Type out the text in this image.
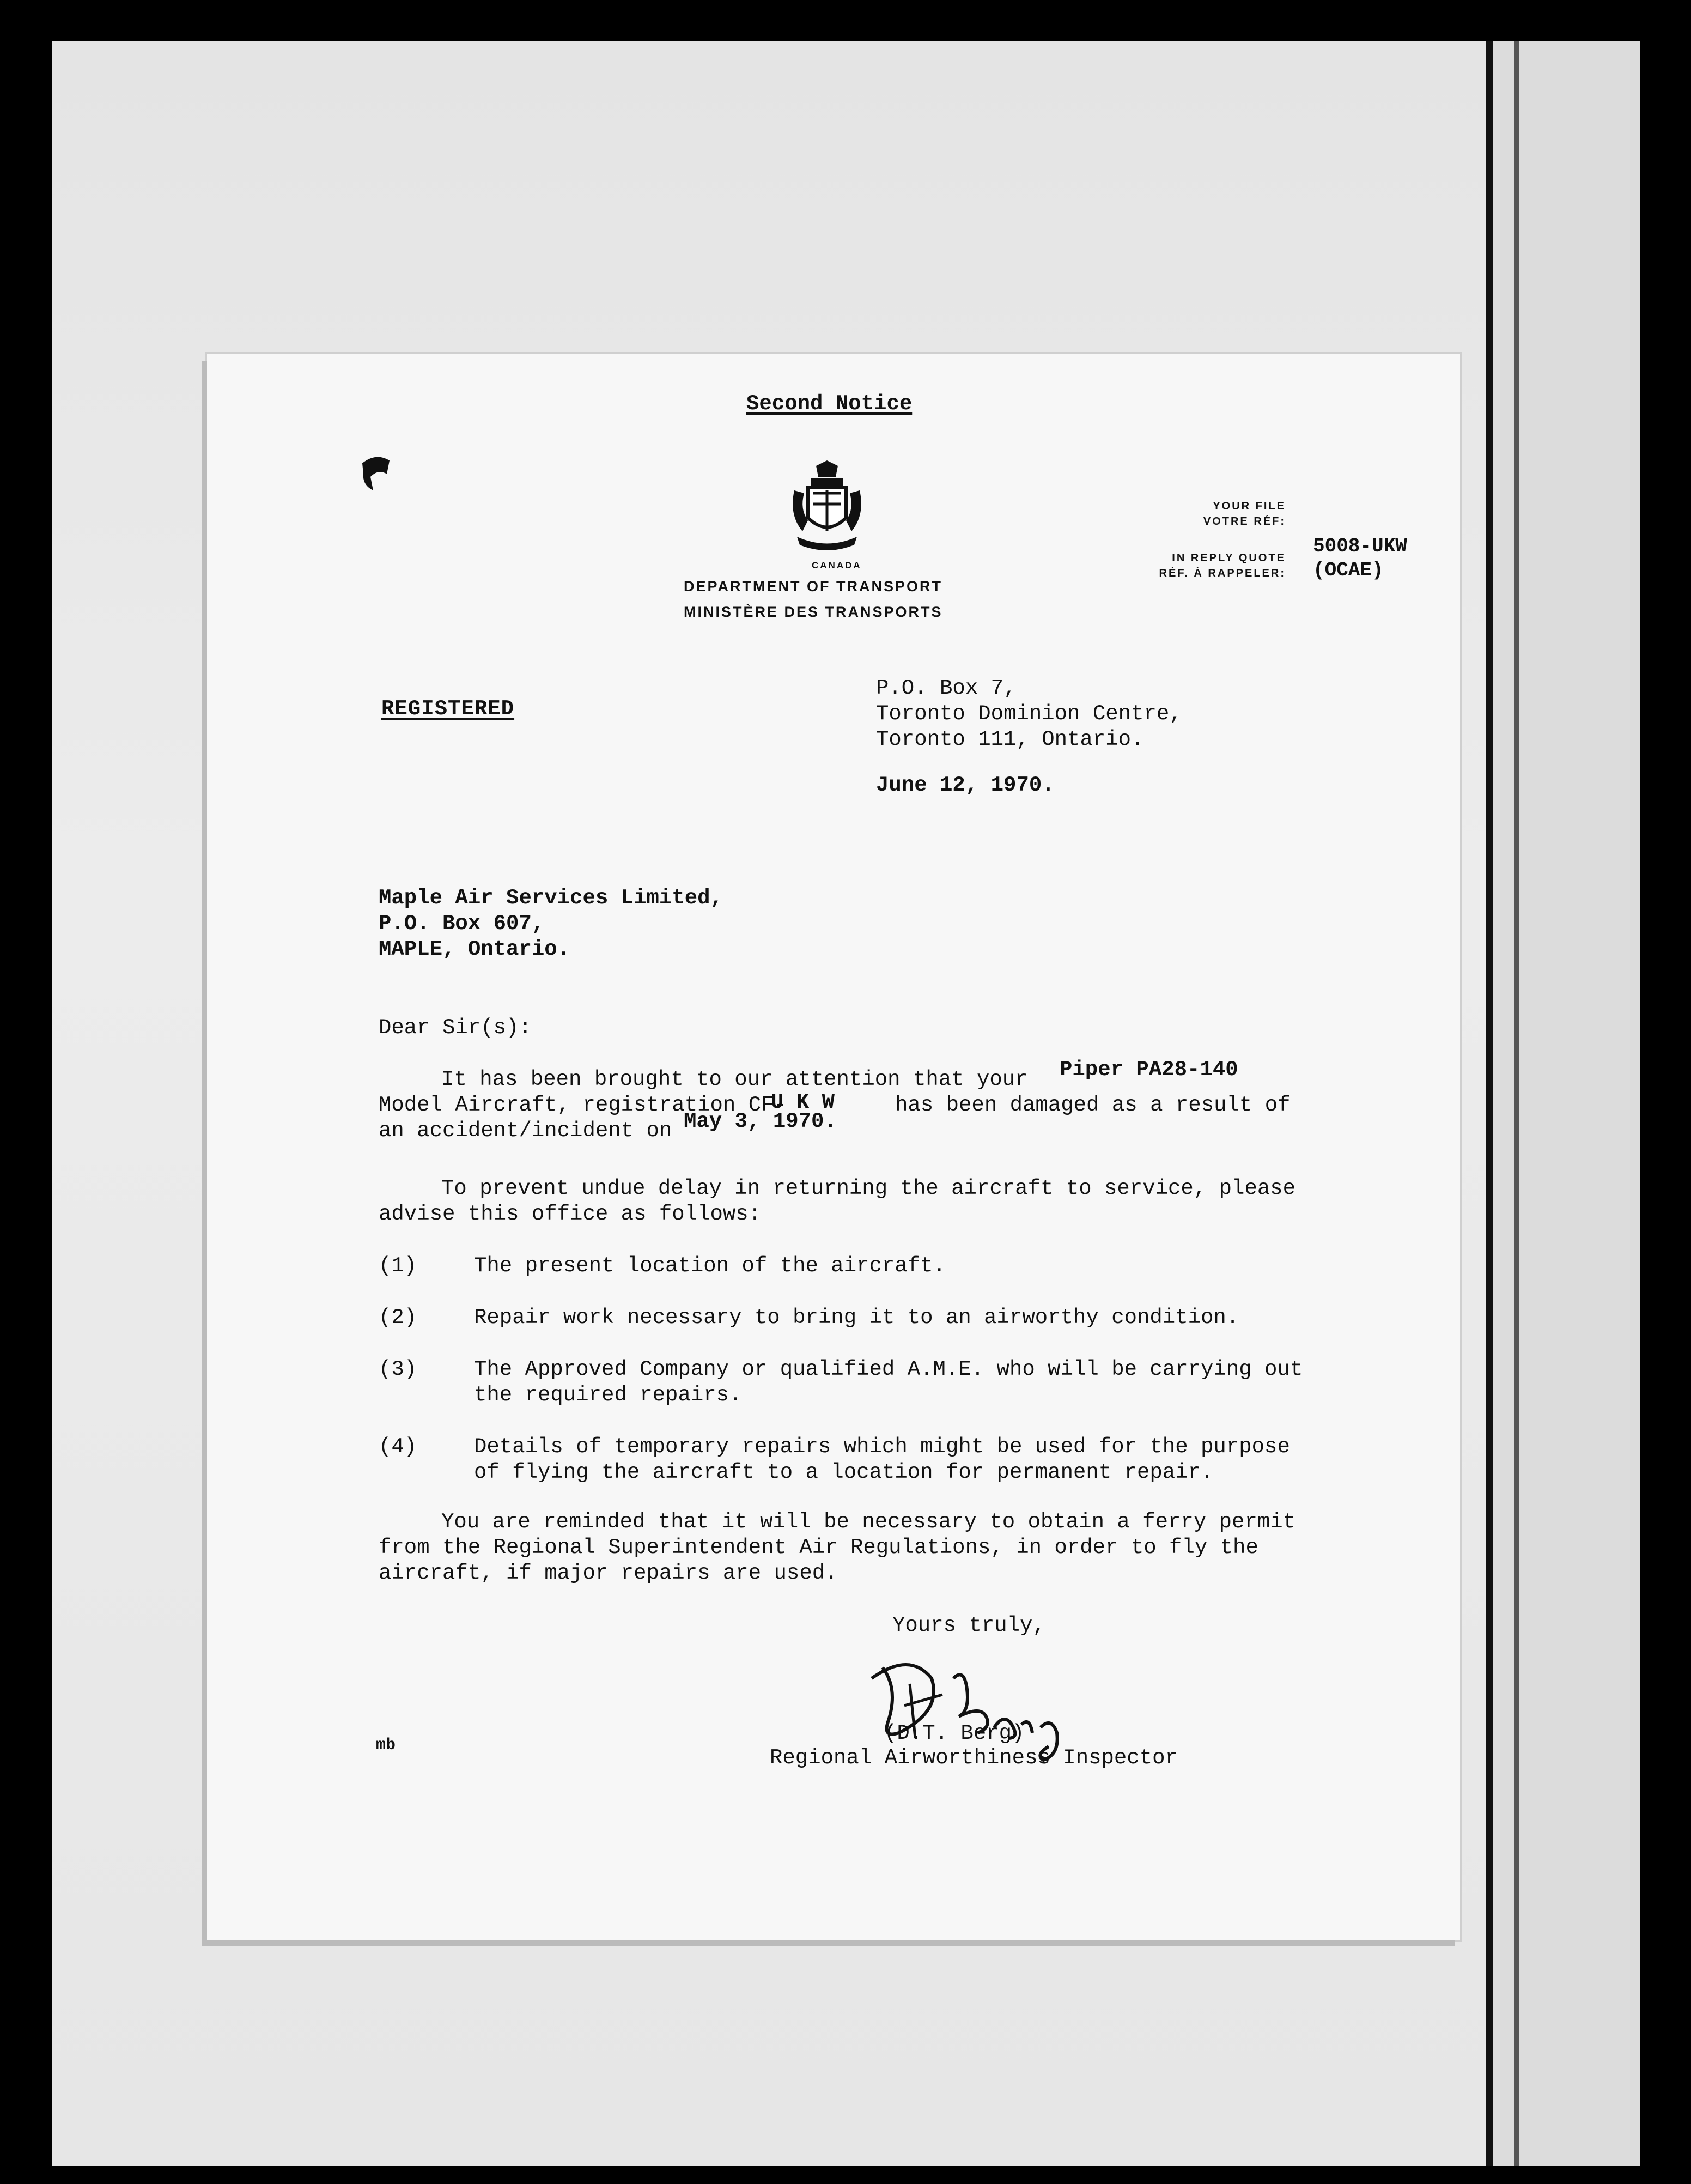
Second Notice
CANADA
DEPARTMENT OF TRANSPORT
MINISTÈRE DES TRANSPORTS
YOUR FILE
VOTRE RÉF:
IN REPLY QUOTE
RÉF. À RAPPELER:
5008-UKW
(OCAE)
REGISTERED
P.O. Box 7,
Toronto Dominion Centre,
Toronto 111, Ontario.
June 12, 1970.
Maple Air Services Limited,
P.O. Box 607,
MAPLE, Ontario.
Dear Sir(s):
It has been brought to our attention that your Piper PA28-140
Model Aircraft, registration CF-
U K W	has been damaged as a result of
an accident/incident on May 3, 1970.
To prevent undue delay in returning the aircraft to service, please
advise this office as follows:
(1)	The present location of the aircraft.
(2)	Repair work necessary to bring it to an airworthy condition.
(3)	The Approved Company or qualified A.M.E. who will be carrying out
the required repairs.
(4)	Details of temporary repairs which might be used for the purpose
of flying the aircraft to a location for permanent repair.
You are reminded that it will be necessary to obtain a ferry permit
from the Regional Superintendent Air Regulations, in order to fly the
aircraft, if major repairs are used.
Yours truly,
(D.T. Berg)
Regional Airworthiness Inspector
mb
